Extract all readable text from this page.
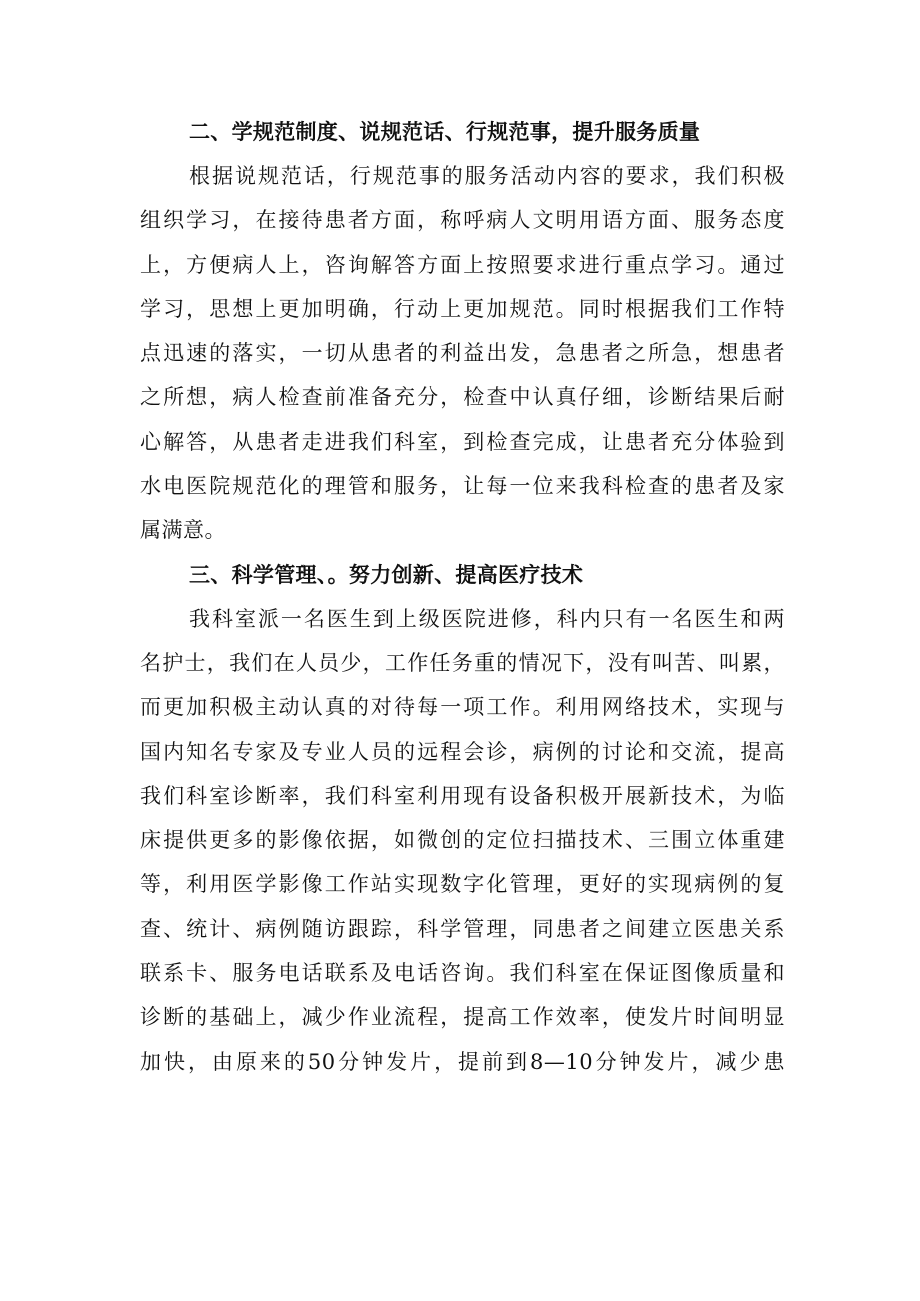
二、学规范制度、说规范话、行规范事，提升服务质量
根据说规范话，行规范事的服务活动内容的要求，我们积极
组织学习，在接待患者方面，称呼病人文明用语方面、服务态度
上，方便病人上，咨询解答方面上按照要求进行重点学习。通过
学习，思想上更加明确，行动上更加规范。同时根据我们工作特
点迅速的落实，一切从患者的利益出发，急患者之所急，想患者
之所想，病人检查前准备充分，检查中认真仔细，诊断结果后耐
心解答，从患者走进我们科室，到检查完成，让患者充分体验到
水电医院规范化的理管和服务，让每一位来我科检查的患者及家
属满意。
三、科学管理、。努力创新、提高医疗技术
我科室派一名医生到上级医院进修，科内只有一名医生和两
名护士，我们在人员少，工作任务重的情况下，没有叫苦、叫累，
而更加积极主动认真的对待每一项工作。利用网络技术，实现与
国内知名专家及专业人员的远程会诊，病例的讨论和交流，提高
我们科室诊断率，我们科室利用现有设备积极开展新技术，为临
床提供更多的影像依据，如微创的定位扫描技术、三围立体重建
等，利用医学影像工作站实现数字化管理，更好的实现病例的复
查、统计、病例随访跟踪，科学管理，同患者之间建立医患关系
联系卡、服务电话联系及电话咨询。我们科室在保证图像质量和
诊断的基础上，减少作业流程，提高工作效率，使发片时间明显
加快，由原来的50分钟发片，提前到8—10分钟发片，减少患
